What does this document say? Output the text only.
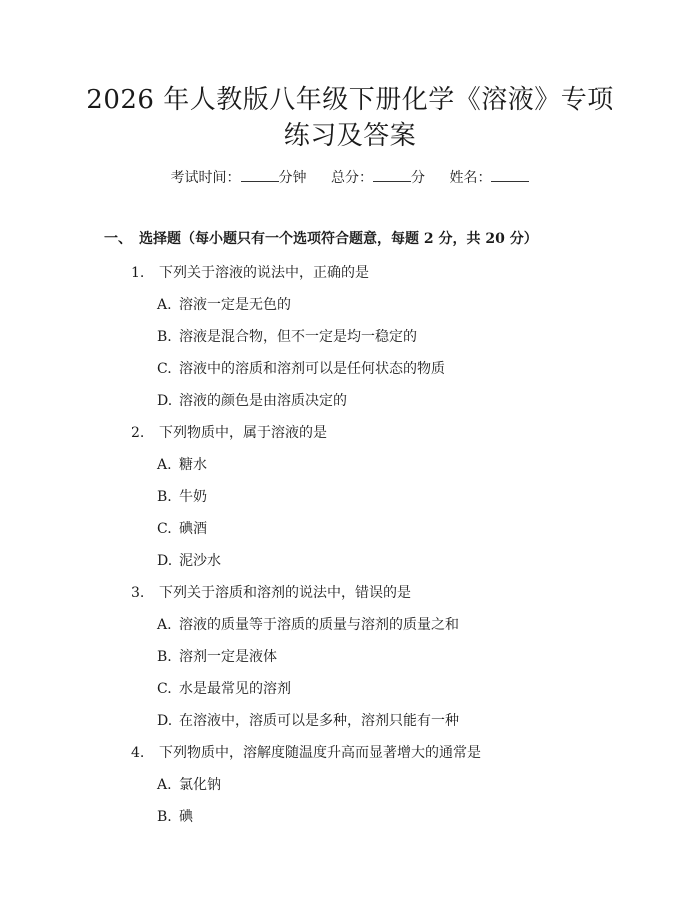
2026 年人教版八年级下册化学《溶液》专项
练习及答案
考试时间：	分钟 总分：	分 姓名：
一、 选择题（每小题只有一个选项符合题意，每题 2 分，共 20 分）
1. 下列关于溶液的说法中，正确的是
A. 溶液一定是无色的
B. 溶液是混合物，但不一定是均一稳定的
C. 溶液中的溶质和溶剂可以是任何状态的物质
D. 溶液的颜色是由溶质决定的
2. 下列物质中，属于溶液的是
A. 糖水
B. 牛奶
C. 碘酒
D. 泥沙水
3. 下列关于溶质和溶剂的说法中，错误的是
A. 溶液的质量等于溶质的质量与溶剂的质量之和
B. 溶剂一定是液体
C. 水是最常见的溶剂
D. 在溶液中，溶质可以是多种，溶剂只能有一种
4. 下列物质中，溶解度随温度升高而显著增大的通常是
A. 氯化钠
B. 碘
